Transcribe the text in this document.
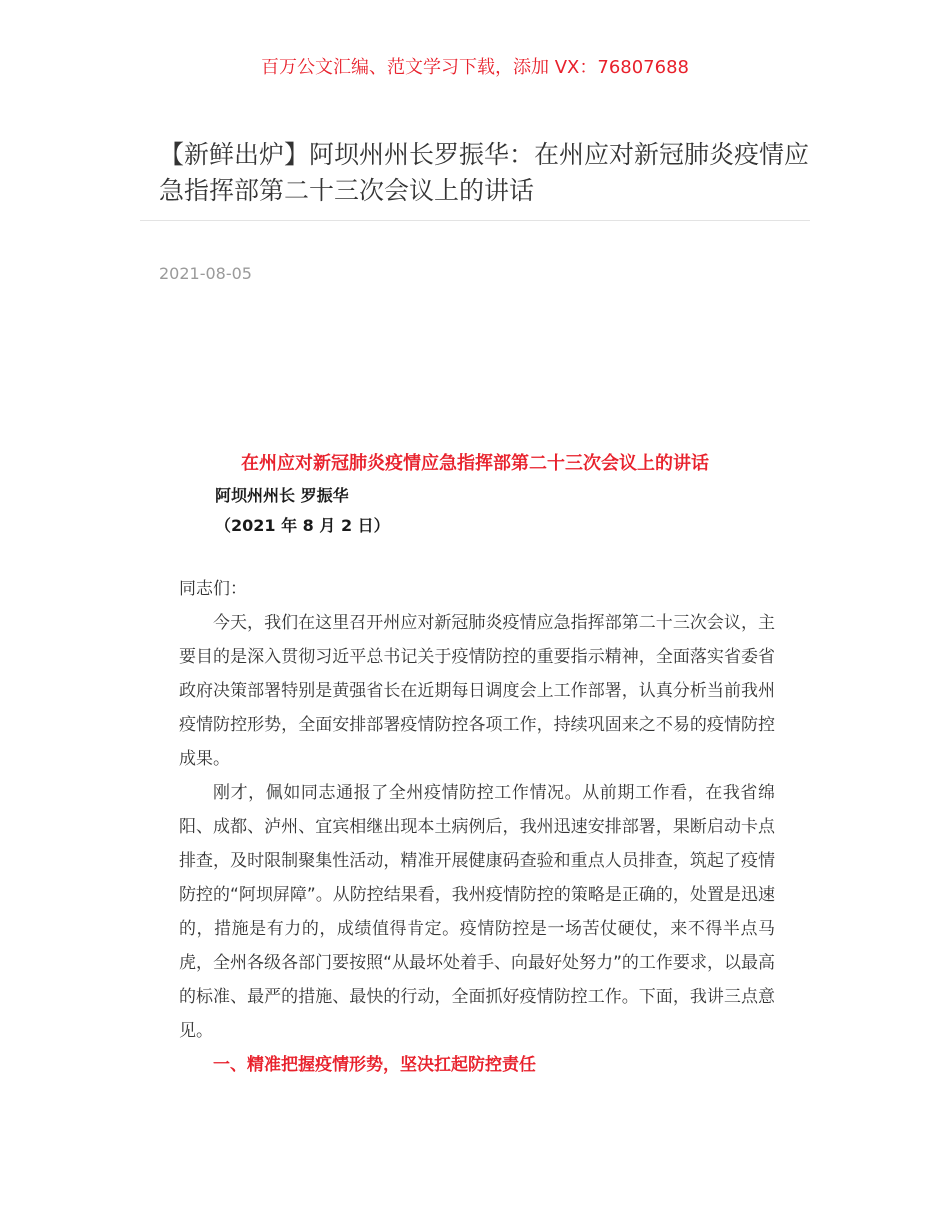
百万公文汇编、范文学习下载，添加 VX：76807688
【新鲜出炉】阿坝州州长罗振华：在州应对新冠肺炎疫情应急指挥部第二十三次会议上的讲话
2021-08-05
在州应对新冠肺炎疫情应急指挥部第二十三次会议上的讲话
阿坝州州长 罗振华
（2021 年 8 月 2 日）

同志们：

今天，我们在这里召开州应对新冠肺炎疫情应急指挥部第二十三次会议，主要目的是深入贯彻习近平总书记关于疫情防控的重要指示精神，全面落实省委省政府决策部署特别是黄强省长在近期每日调度会上工作部署，认真分析当前我州疫情防控形势，全面安排部署疫情防控各项工作，持续巩固来之不易的疫情防控成果。

刚才，佩如同志通报了全州疫情防控工作情况。从前期工作看，在我省绵阳、成都、泸州、宜宾相继出现本土病例后，我州迅速安排部署，果断启动卡点排查，及时限制聚集性活动，精准开展健康码查验和重点人员排查，筑起了疫情防控的“阿坝屏障”。从防控结果看，我州疫情防控的策略是正确的，处置是迅速的，措施是有力的，成绩值得肯定。疫情防控是一场苦仗硬仗，来不得半点马虎，全州各级各部门要按照“从最坏处着手、向最好处努力”的工作要求，以最高的标准、最严的措施、最快的行动，全面抓好疫情防控工作。下面，我讲三点意见。

一、精准把握疫情形势，坚决扛起防控责任
